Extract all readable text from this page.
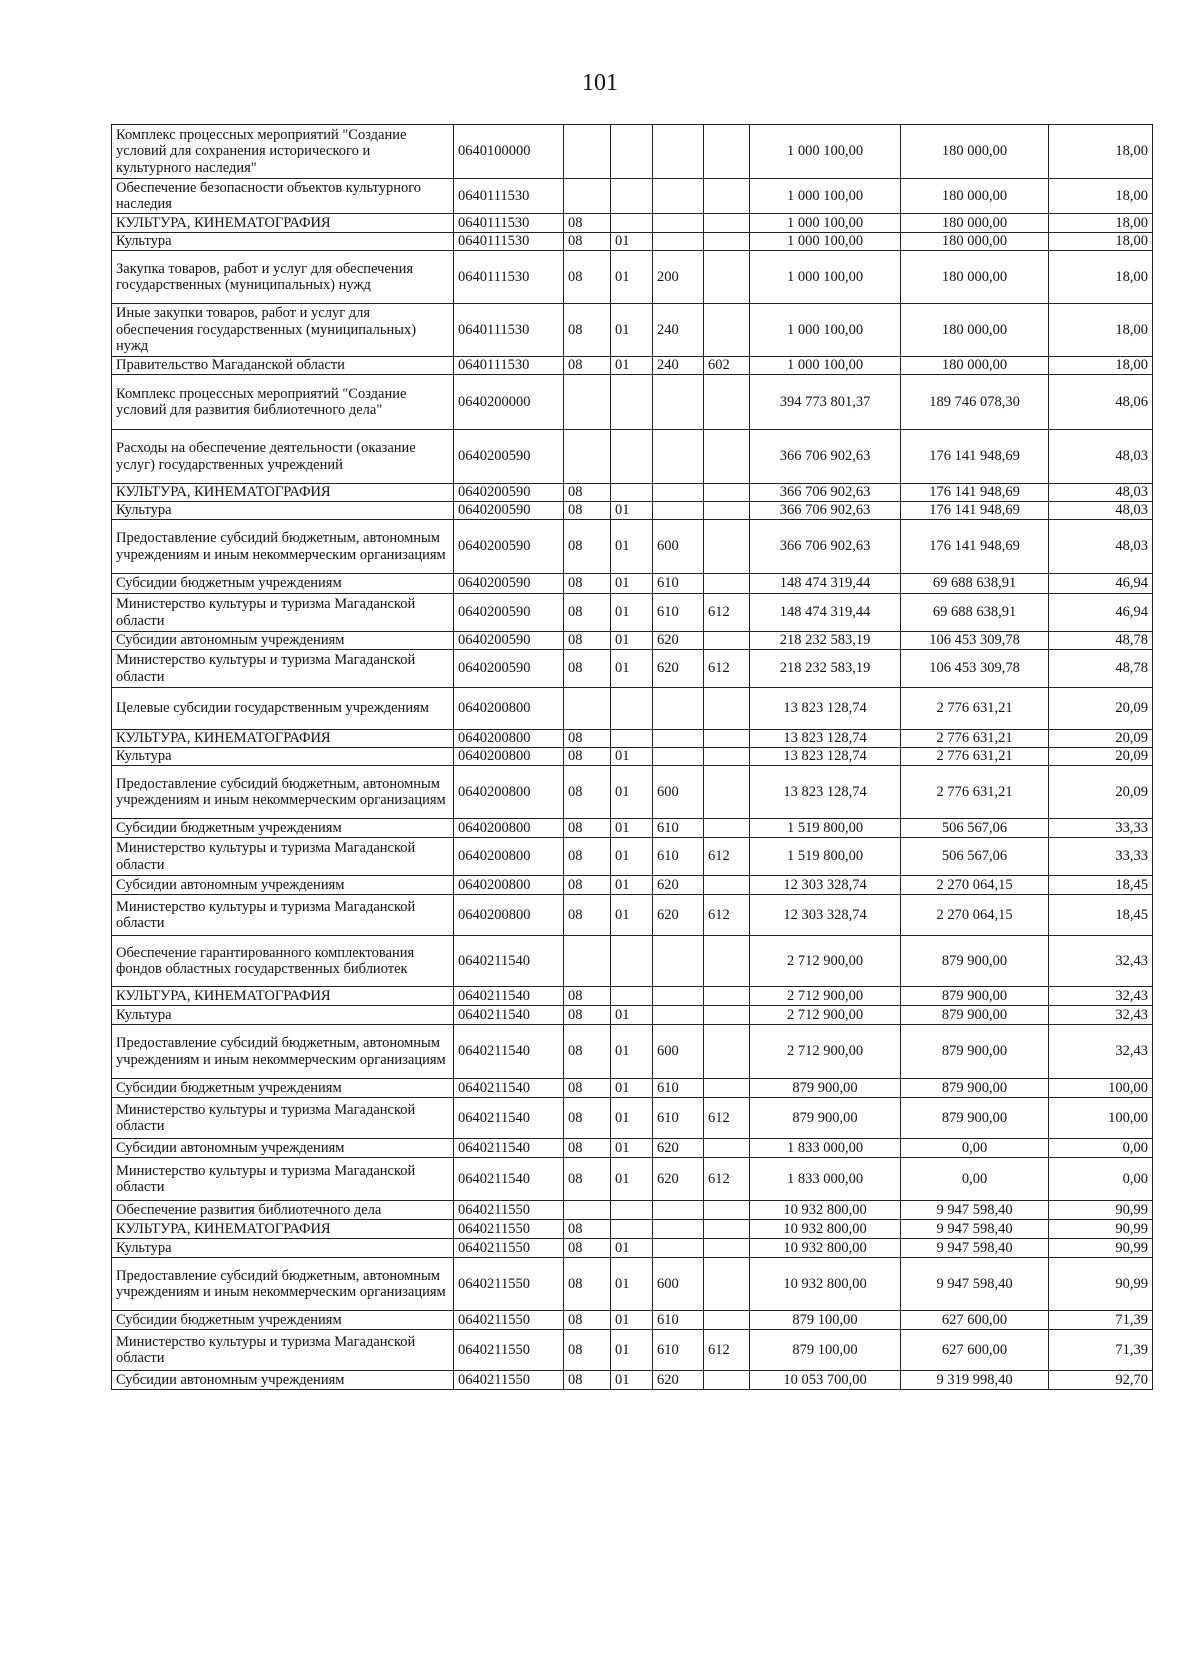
101
Комплекс процессных мероприятий "Создание условий для сохранения исторического и культурного наследия"	0640100000					1 000 100,00	180 000,00	18,00
Обеспечение безопасности объектов культурного наследия	0640111530					1 000 100,00	180 000,00	18,00
КУЛЬТУРА, КИНЕМАТОГРАФИЯ	0640111530	08				1 000 100,00	180 000,00	18,00
Культура	0640111530	08	01			1 000 100,00	180 000,00	18,00
Закупка товаров, работ и услуг для обеспечения государственных (муниципальных) нужд	0640111530	08	01	200		1 000 100,00	180 000,00	18,00
Иные закупки товаров, работ и услуг для обеспечения государственных (муниципальных) нужд	0640111530	08	01	240		1 000 100,00	180 000,00	18,00
Правительство Магаданской области	0640111530	08	01	240	602	1 000 100,00	180 000,00	18,00
Комплекс процессных мероприятий "Создание условий для развития библиотечного дела"	0640200000					394 773 801,37	189 746 078,30	48,06
Расходы на обеспечение деятельности (оказание услуг) государственных учреждений	0640200590					366 706 902,63	176 141 948,69	48,03
КУЛЬТУРА, КИНЕМАТОГРАФИЯ	0640200590	08				366 706 902,63	176 141 948,69	48,03
Культура	0640200590	08	01			366 706 902,63	176 141 948,69	48,03
Предоставление субсидий бюджетным, автономным учреждениям и иным некоммерческим организациям	0640200590	08	01	600		366 706 902,63	176 141 948,69	48,03
Субсидии бюджетным учреждениям	0640200590	08	01	610		148 474 319,44	69 688 638,91	46,94
Министерство культуры и туризма Магаданской области	0640200590	08	01	610	612	148 474 319,44	69 688 638,91	46,94
Субсидии автономным учреждениям	0640200590	08	01	620		218 232 583,19	106 453 309,78	48,78
Министерство культуры и туризма Магаданской области	0640200590	08	01	620	612	218 232 583,19	106 453 309,78	48,78
Целевые субсидии государственным учреждениям	0640200800					13 823 128,74	2 776 631,21	20,09
КУЛЬТУРА, КИНЕМАТОГРАФИЯ	0640200800	08				13 823 128,74	2 776 631,21	20,09
Культура	0640200800	08	01			13 823 128,74	2 776 631,21	20,09
Предоставление субсидий бюджетным, автономным учреждениям и иным некоммерческим организациям	0640200800	08	01	600		13 823 128,74	2 776 631,21	20,09
Субсидии бюджетным учреждениям	0640200800	08	01	610		1 519 800,00	506 567,06	33,33
Министерство культуры и туризма Магаданской области	0640200800	08	01	610	612	1 519 800,00	506 567,06	33,33
Субсидии автономным учреждениям	0640200800	08	01	620		12 303 328,74	2 270 064,15	18,45
Министерство культуры и туризма Магаданской области	0640200800	08	01	620	612	12 303 328,74	2 270 064,15	18,45
Обеспечение гарантированного комплектования фондов областных государственных библиотек	0640211540					2 712 900,00	879 900,00	32,43
КУЛЬТУРА, КИНЕМАТОГРАФИЯ	0640211540	08				2 712 900,00	879 900,00	32,43
Культура	0640211540	08	01			2 712 900,00	879 900,00	32,43
Предоставление субсидий бюджетным, автономным учреждениям и иным некоммерческим организациям	0640211540	08	01	600		2 712 900,00	879 900,00	32,43
Субсидии бюджетным учреждениям	0640211540	08	01	610		879 900,00	879 900,00	100,00
Министерство культуры и туризма Магаданской области	0640211540	08	01	610	612	879 900,00	879 900,00	100,00
Субсидии автономным учреждениям	0640211540	08	01	620		1 833 000,00	0,00	0,00
Министерство культуры и туризма Магаданской области	0640211540	08	01	620	612	1 833 000,00	0,00	0,00
Обеспечение развития библиотечного дела	0640211550					10 932 800,00	9 947 598,40	90,99
КУЛЬТУРА, КИНЕМАТОГРАФИЯ	0640211550	08				10 932 800,00	9 947 598,40	90,99
Культура	0640211550	08	01			10 932 800,00	9 947 598,40	90,99
Предоставление субсидий бюджетным, автономным учреждениям и иным некоммерческим организациям	0640211550	08	01	600		10 932 800,00	9 947 598,40	90,99
Субсидии бюджетным учреждениям	0640211550	08	01	610		879 100,00	627 600,00	71,39
Министерство культуры и туризма Магаданской области	0640211550	08	01	610	612	879 100,00	627 600,00	71,39
Субсидии автономным учреждениям	0640211550	08	01	620		10 053 700,00	9 319 998,40	92,70
